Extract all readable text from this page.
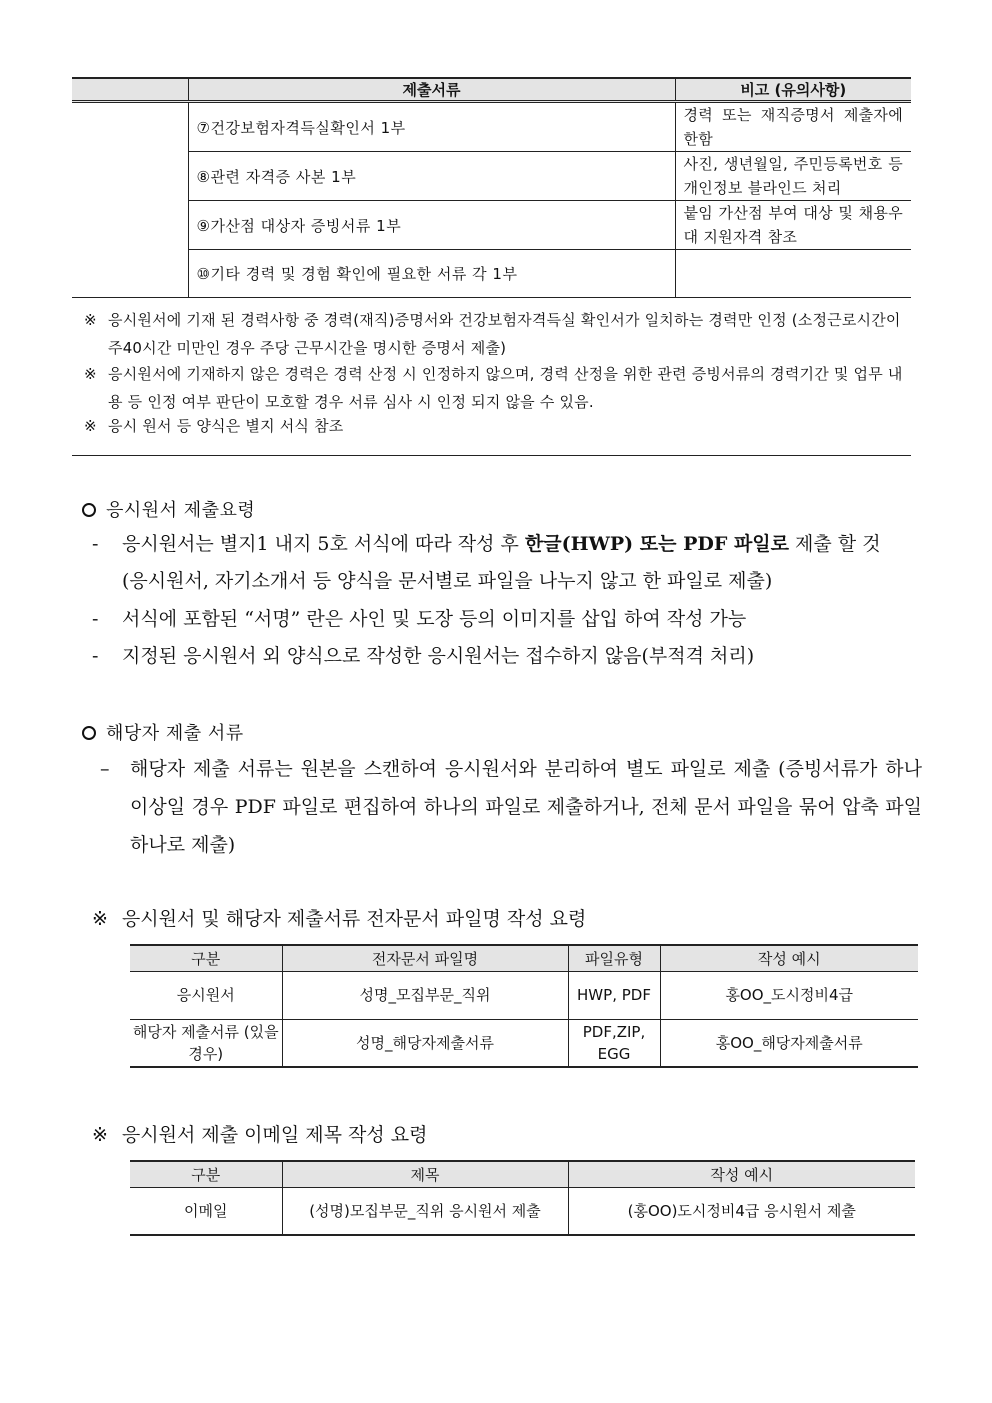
	제출서류	비고 (유의사항)
	⑦건강보험자격득실확인서 1부	경력 또는 재직증명서 제출자에 한함
	⑧관련 자격증 사본 1부	사진, 생년월일, 주민등록번호 등 개인정보 블라인드 처리
	⑨가산점 대상자 증빙서류 1부	붙임 가산점 부여 대상 및 채용우대 지원자격 참조
	⑩기타 경력 및 경험 확인에 필요한 서류 각 1부	
※ 응시원서에 기재 된 경력사항 중 경력(재직)증명서와 건강보험자격득실 확인서가 일치하는 경력만 인정 (소정근로시간이 주40시간 미만인 경우 주당 근무시간을 명시한 증명서 제출)
※ 응시원서에 기재하지 않은 경력은 경력 산정 시 인정하지 않으며, 경력 산정을 위한 관련 증빙서류의 경력기간 및 업무 내용 등 인정 여부 판단이 모호할 경우 서류 심사 시 인정 되지 않을 수 있음.
※ 응시 원서 등 양식은 별지 서식 참조
응시원서 제출요령
-	응시원서는 별지1 내지 5호 서식에 따라 작성 후 한글(HWP) 또는 PDF 파일로 제출 할 것
(응시원서, 자기소개서 등 양식을 문서별로 파일을 나누지 않고 한 파일로 제출)
-	서식에 포함된 “서명” 란은 사인 및 도장 등의 이미지를 삽입 하여 작성 가능
-	지정된 응시원서 외 양식으로 작성한 응시원서는 접수하지 않음(부적격 처리)
해당자 제출 서류
–	해당자 제출 서류는 원본을 스캔하여 응시원서와 분리하여 별도 파일로 제출 (증빙서류가 하나 이상일 경우 PDF 파일로 편집하여 하나의 파일로 제출하거나, 전체 문서 파일을 묶어 압축 파일 하나로 제출)
※ 응시원서 및 해당자 제출서류 전자문서 파일명 작성 요령
구분	전자문서 파일명	파일유형	작성 예시
응시원서	성명_모집부문_직위	HWP, PDF	홍OO_도시정비4급
해당자 제출서류 (있을 경우)	성명_해당자제출서류	PDF,ZIP, EGG	홍OO_해당자제출서류
※ 응시원서 제출 이메일 제목 작성 요령
구분	제목	작성 예시
이메일	(성명)모집부문_직위 응시원서 제출	(홍OO)도시정비4급 응시원서 제출
